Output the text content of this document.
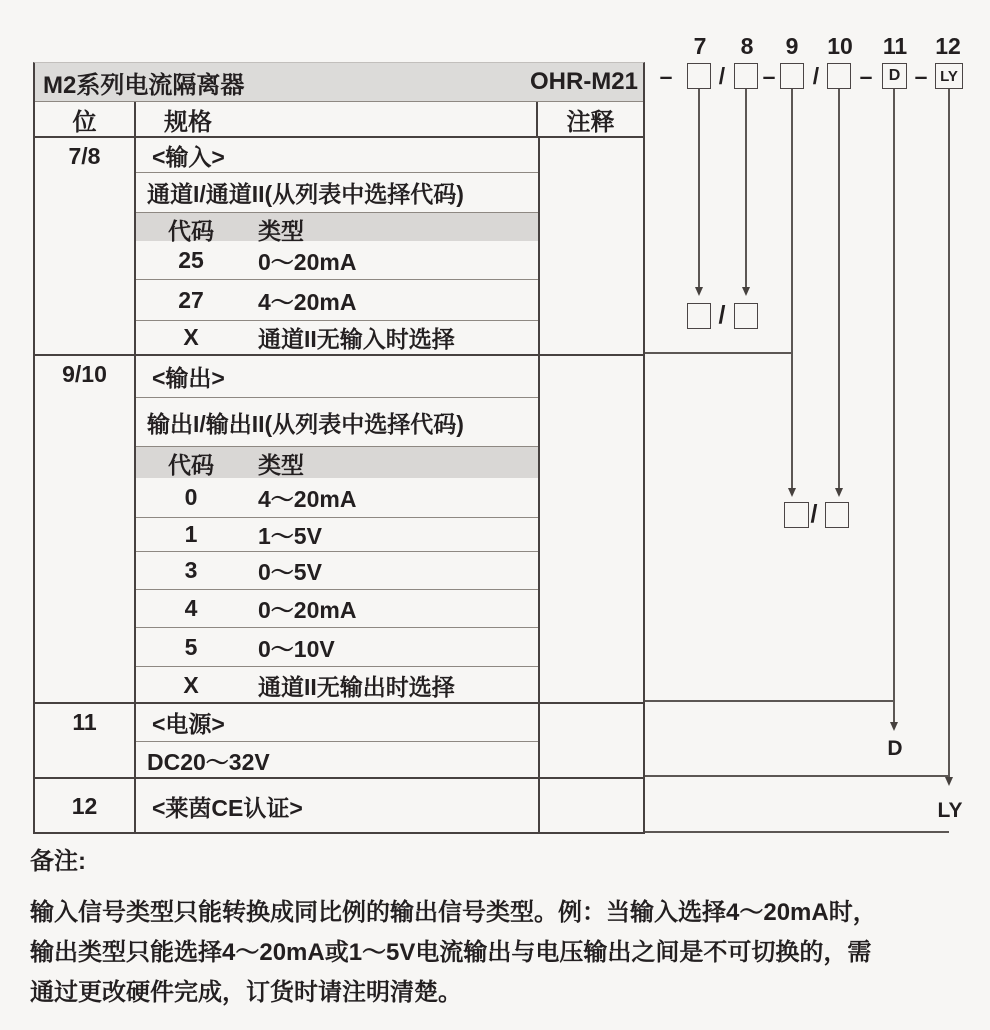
7 8 9 10 11 12
– / – / –	D – LY
/
/
D
LY
M2系列电流隔离器	OHR-M21
位	规格	注释
7/8	<输入>
通道I/通道II(从列表中选择代码)
代码	类型
25	0～20mA
27	4～20mA
X	通道II无输入时选择
9/10	<输出>
输出I/输出II(从列表中选择代码)
代码	类型
0	4～20mA
1	1～5V
3	0～5V
4	0～20mA
5	0～10V
X	通道II无输出时选择
11	<电源>
DC20～32V
12	<莱茵CE认证>
备注:
输入信号类型只能转换成同比例的输出信号类型。例：当输入选择4～20mA时，
输出类型只能选择4～20mA或1～5V电流输出与电压输出之间是不可切换的，需
通过更改硬件完成，订货时请注明清楚。
